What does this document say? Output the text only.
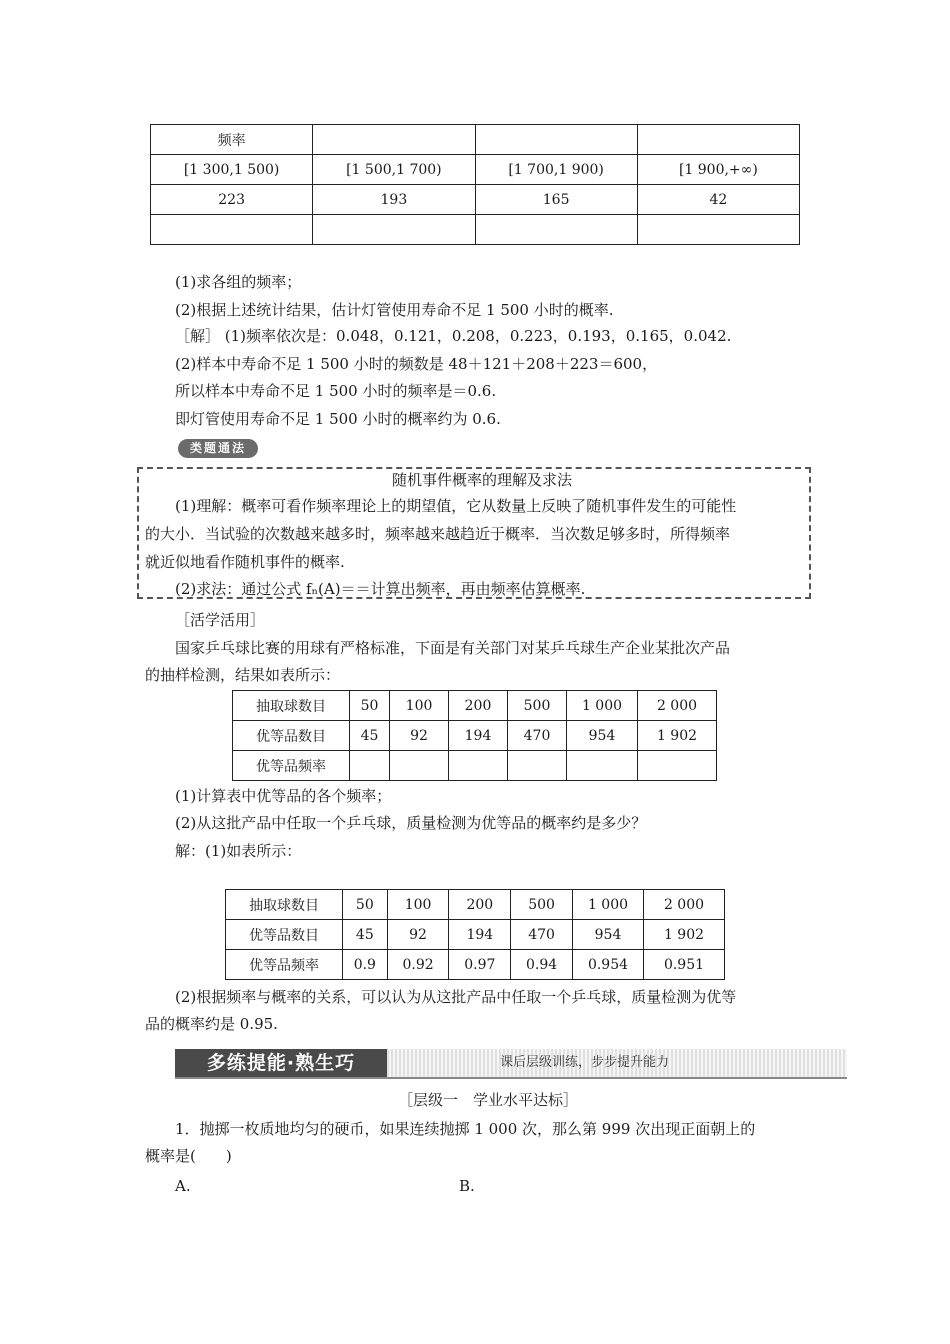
频率			
[1 300,1 500)	[1 500,1 700)	[1 700,1 900)	[1 900,+∞)
223	193	165	42

(1)求各组的频率；
(2)根据上述统计结果，估计灯管使用寿命不足 1 500 小时的概率.
［解］ (1)频率依次是：0.048，0.121，0.208，0.223，0.193，0.165，0.042.
(2)样本中寿命不足 1 500 小时的频数是 48＋121＋208＋223＝600，
所以样本中寿命不足 1 500 小时的频率是＝0.6.
即灯管使用寿命不足 1 500 小时的概率约为 0.6.
类题通法
随机事件概率的理解及求法
(1)理解：概率可看作频率理论上的期望值，它从数量上反映了随机事件发生的可能性
的大小．当试验的次数越来越多时，频率越来越趋近于概率．当次数足够多时，所得频率
就近似地看作随机事件的概率.
(2)求法：通过公式 fₙ(A)＝＝计算出频率，再由频率估算概率.
［活学活用］
国家乒乓球比赛的用球有严格标准，下面是有关部门对某乒乓球生产企业某批次产品
的抽样检测，结果如表所示：
抽取球数目	50	100	200	500	1 000	2 000
优等品数目	45	92	194	470	954	1 902
优等品频率						
(1)计算表中优等品的各个频率；
(2)从这批产品中任取一个乒乓球，质量检测为优等品的概率约是多少？
解：(1)如表所示：
抽取球数目	50	100	200	500	1 000	2 000
优等品数目	45	92	194	470	954	1 902
优等品频率	0.9	0.92	0.97	0.94	0.954	0.951
(2)根据频率与概率的关系，可以认为从这批产品中任取一个乒乓球，质量检测为优等
品的概率约是 0.95.
多练提能·熟生巧	课后层级训练，步步提升能力
［层级一　学业水平达标］
1．抛掷一枚质地均匀的硬币，如果连续抛掷 1 000 次，那么第 999 次出现正面朝上的
概率是(　　)
A.	B.
